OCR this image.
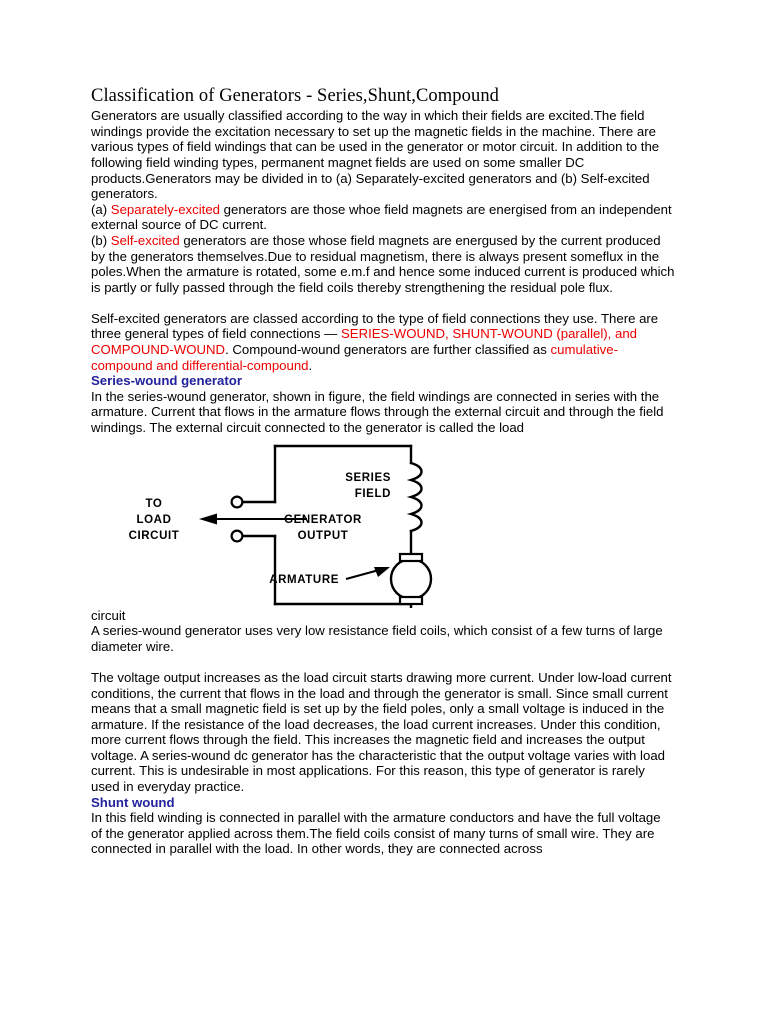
Classification of Generators - Series,Shunt,Compound

Generators are usually classified according to the way in which their fields are excited.The field windings provide the excitation necessary to set up the magnetic fields in the machine. There are various types of field windings that can be used in the generator or motor circuit. In addition to the following field winding types, permanent magnet fields are used on some smaller DC products.Generators may be divided in to (a) Separately-excited generators and (b) Self-excited generators.

(a) Separately-excited generators are those whoe field magnets are energised from an independent external source of DC current.

(b) Self-excited generators are those whose field magnets are energused by the current produced by the generators themselves.Due to residual magnetism, there is always present someflux in the poles.When the armature is rotated, some e.m.f and hence some induced current is produced which is partly or fully passed through the field coils thereby strengthening the residual pole flux.

Self-excited generators are classed according to the type of field connections they use. There are three general types of field connections — SERIES-WOUND, SHUNT-WOUND (parallel), and COMPOUND-WOUND. Compound-wound generators are further classified as cumulative-compound and differential-compound.

Series-wound generator

In the series-wound generator, shown in figure, the field windings are connected in series with the armature. Current that flows in the armature flows through the external circuit and through the field windings. The external circuit connected to the generator is called the load

TO
LOAD
CIRCUIT
GENERATOR
OUTPUT
SERIES
FIELD
ARMATURE

circuit

A series-wound generator uses very low resistance field coils, which consist of a few turns of large diameter wire.

The voltage output increases as the load circuit starts drawing more current. Under low-load current conditions, the current that flows in the load and through the generator is small. Since small current means that a small magnetic field is set up by the field poles, only a small voltage is induced in the armature. If the resistance of the load decreases, the load current increases. Under this condition, more current flows through the field. This increases the magnetic field and increases the output voltage. A series-wound dc generator has the characteristic that the output voltage varies with load current. This is undesirable in most applications. For this reason, this type of generator is rarely used in everyday practice.

Shunt wound

In this field winding is connected in parallel with the armature conductors and have the full voltage of the generator applied across them.The field coils consist of many turns of small wire. They are connected in parallel with the load. In other words, they are connected across
